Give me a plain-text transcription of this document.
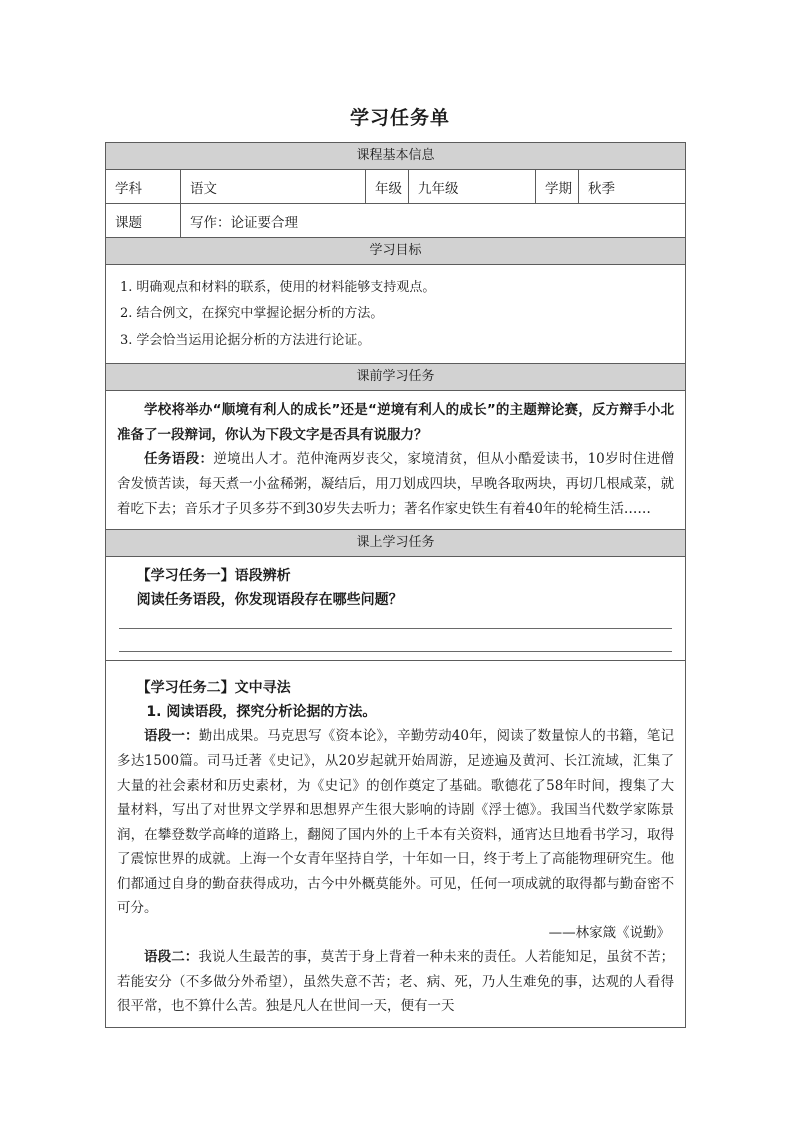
学习任务单
课程基本信息					
学科	语文	年级	九年级	学期	秋季
课题	写作：论证要合理				
学习目标					

1. 明确观点和材料的联系，使用的材料能够支持观点。

2. 结合例文，在探究中掌握论据分析的方法。

3. 学会恰当运用论据分析的方法进行论证。					

课前学习任务					

学校将举办“顺境有利人的成长”还是“逆境有利人的成长”的主题辩论赛，反方辩手小北准备了一段辩词，你认为下段文字是否具有说服力？

任务语段：逆境出人才。范仲淹两岁丧父，家境清贫，但从小酷爱读书，10岁时住进僧舍发愤苦读，每天煮一小盆稀粥，凝结后，用刀划成四块，早晚各取两块，再切几根咸菜，就着吃下去；音乐才子贝多芬不到30岁失去听力；著名作家史铁生有着40年的轮椅生活……					

课上学习任务					

【学习任务一】语段辨析

阅读任务语段，你发现语段存在哪些问题？					

【学习任务二】文中寻法

1. 阅读语段，探究分析论据的方法。

语段一：勤出成果。马克思写《资本论》，辛勤劳动40年，阅读了数量惊人的书籍，笔记多达1500篇。司马迁著《史记》，从20岁起就开始周游，足迹遍及黄河、长江流域，汇集了大量的社会素材和历史素材，为《史记》的创作奠定了基础。歌德花了58年时间，搜集了大量材料，写出了对世界文学界和思想界产生很大影响的诗剧《浮士德》。我国当代数学家陈景润，在攀登数学高峰的道路上，翻阅了国内外的上千本有关资料，通宵达旦地看书学习，取得了震惊世界的成就。上海一个女青年坚持自学，十年如一日，终于考上了高能物理研究生。他们都通过自身的勤奋获得成功，古今中外概莫能外。可见，任何一项成就的取得都与勤奋密不可分。

——林家箴《说勤》

语段二：我说人生最苦的事，莫苦于身上背着一种未来的责任。人若能知足，虽贫不苦；若能安分（不多做分外希望），虽然失意不苦；老、病、死，乃人生难免的事，达观的人看得很平常，也不算什么苦。独是凡人在世间一天，便有一天					
